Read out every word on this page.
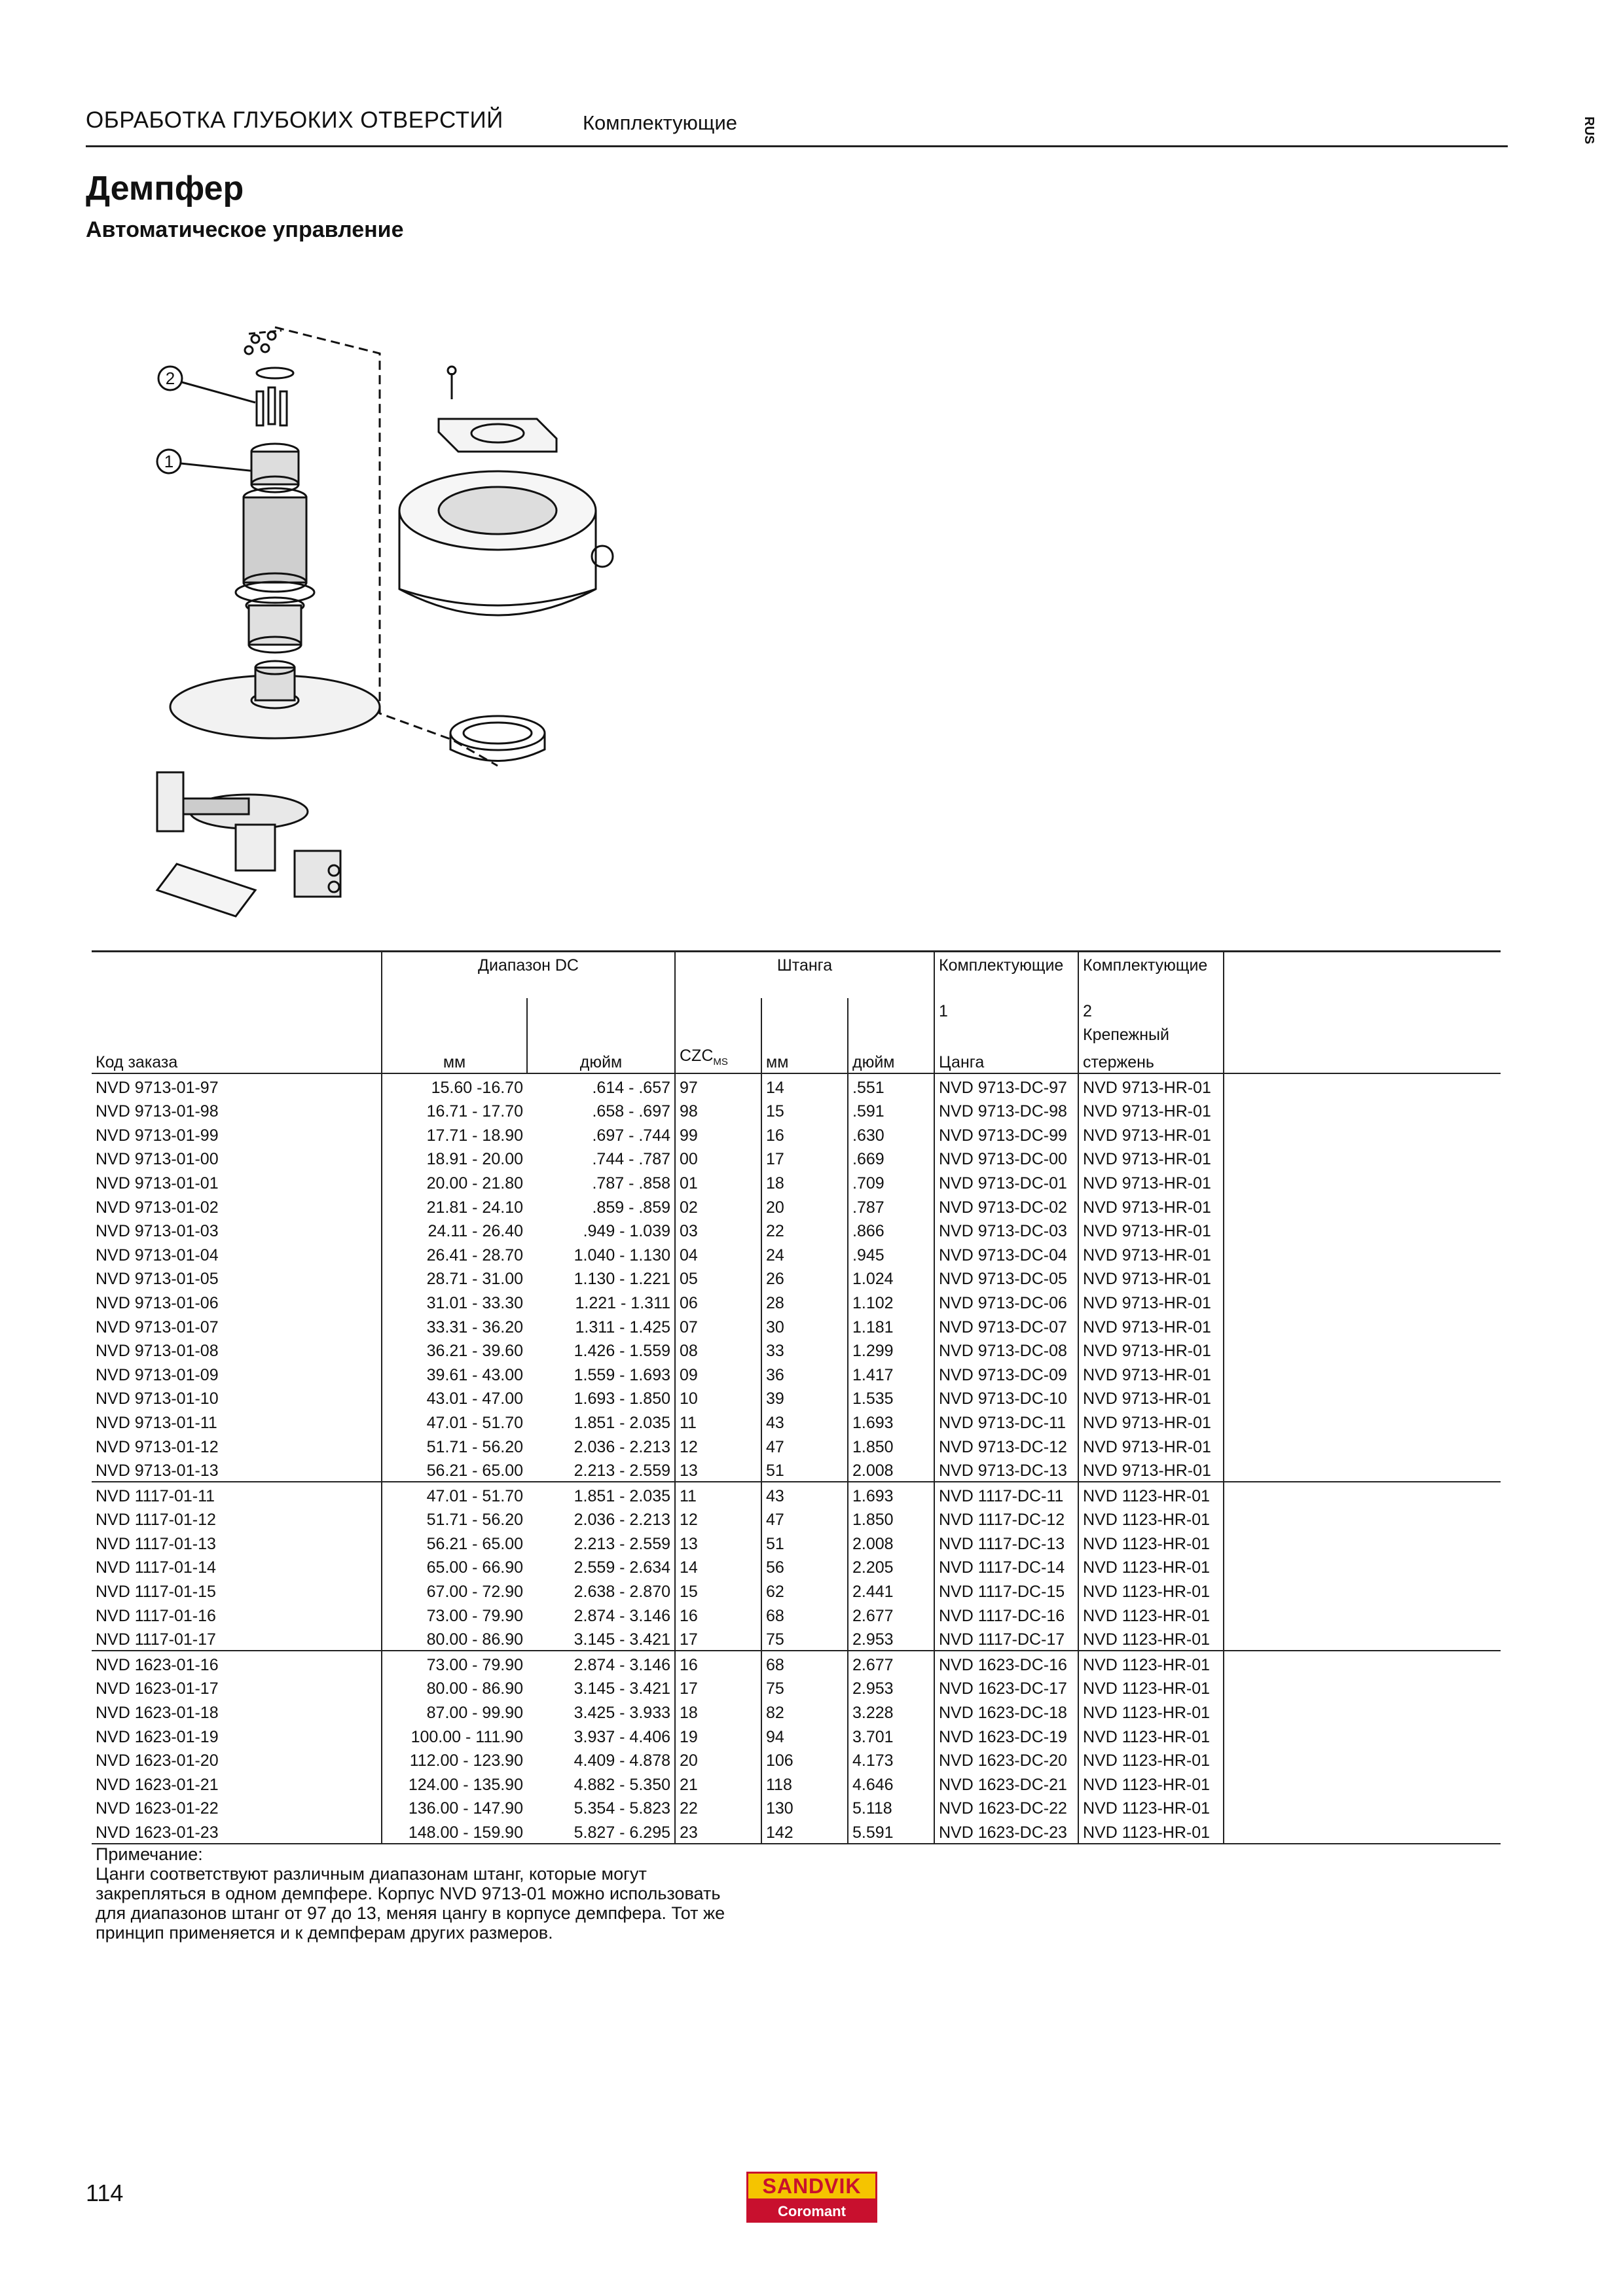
ОБРАБОТКА ГЛУБОКИХ ОТВЕРСТИЙ	Комплектующие	RUS
Демпфер
Автоматическое управление
2
1
	Диапазон DC		Штанга			Комплектующие	Комплектующие	
						1	2	
							Крепежный	
Код заказа	мм	дюйм	$CZC_{MS}$	мм	дюйм	Цанга	стержень	
NVD 9713-01-97	15.60 -16.70	.614 - .657	97	14	.551	NVD 9713-DC-97	NVD 9713-HR-01	
NVD 9713-01-98	16.71 - 17.70	.658 - .697	98	15	.591	NVD 9713-DC-98	NVD 9713-HR-01	
NVD 9713-01-99	17.71 - 18.90	.697 - .744	99	16	.630	NVD 9713-DC-99	NVD 9713-HR-01	
NVD 9713-01-00	18.91 - 20.00	.744 - .787	00	17	.669	NVD 9713-DC-00	NVD 9713-HR-01	
NVD 9713-01-01	20.00 - 21.80	.787 - .858	01	18	.709	NVD 9713-DC-01	NVD 9713-HR-01	
NVD 9713-01-02	21.81 - 24.10	.859 - .859	02	20	.787	NVD 9713-DC-02	NVD 9713-HR-01	
NVD 9713-01-03	24.11 - 26.40	.949 - 1.039	03	22	.866	NVD 9713-DC-03	NVD 9713-HR-01	
NVD 9713-01-04	26.41 - 28.70	1.040 - 1.130	04	24	.945	NVD 9713-DC-04	NVD 9713-HR-01	
NVD 9713-01-05	28.71 - 31.00	1.130 - 1.221	05	26	1.024	NVD 9713-DC-05	NVD 9713-HR-01	
NVD 9713-01-06	31.01 - 33.30	1.221 - 1.311	06	28	1.102	NVD 9713-DC-06	NVD 9713-HR-01	
NVD 9713-01-07	33.31 - 36.20	1.311 - 1.425	07	30	1.181	NVD 9713-DC-07	NVD 9713-HR-01	
NVD 9713-01-08	36.21 - 39.60	1.426 - 1.559	08	33	1.299	NVD 9713-DC-08	NVD 9713-HR-01	
NVD 9713-01-09	39.61 - 43.00	1.559 - 1.693	09	36	1.417	NVD 9713-DC-09	NVD 9713-HR-01	
NVD 9713-01-10	43.01 - 47.00	1.693 - 1.850	10	39	1.535	NVD 9713-DC-10	NVD 9713-HR-01	
NVD 9713-01-11	47.01 - 51.70	1.851 - 2.035	11	43	1.693	NVD 9713-DC-11	NVD 9713-HR-01	
NVD 9713-01-12	51.71 - 56.20	2.036 - 2.213	12	47	1.850	NVD 9713-DC-12	NVD 9713-HR-01	
NVD 9713-01-13	56.21 - 65.00	2.213 - 2.559	13	51	2.008	NVD 9713-DC-13	NVD 9713-HR-01	
NVD 1117-01-11	47.01 - 51.70	1.851 - 2.035	11	43	1.693	NVD 1117-DC-11	NVD 1123-HR-01	
NVD 1117-01-12	51.71 - 56.20	2.036 - 2.213	12	47	1.850	NVD 1117-DC-12	NVD 1123-HR-01	
NVD 1117-01-13	56.21 - 65.00	2.213 - 2.559	13	51	2.008	NVD 1117-DC-13	NVD 1123-HR-01	
NVD 1117-01-14	65.00 - 66.90	2.559 - 2.634	14	56	2.205	NVD 1117-DC-14	NVD 1123-HR-01	
NVD 1117-01-15	67.00 - 72.90	2.638 - 2.870	15	62	2.441	NVD 1117-DC-15	NVD 1123-HR-01	
NVD 1117-01-16	73.00 - 79.90	2.874 - 3.146	16	68	2.677	NVD 1117-DC-16	NVD 1123-HR-01	
NVD 1117-01-17	80.00 - 86.90	3.145 - 3.421	17	75	2.953	NVD 1117-DC-17	NVD 1123-HR-01	
NVD 1623-01-16	73.00 - 79.90	2.874 - 3.146	16	68	2.677	NVD 1623-DC-16	NVD 1123-HR-01	
NVD 1623-01-17	80.00 - 86.90	3.145 - 3.421	17	75	2.953	NVD 1623-DC-17	NVD 1123-HR-01	
NVD 1623-01-18	87.00 - 99.90	3.425 - 3.933	18	82	3.228	NVD 1623-DC-18	NVD 1123-HR-01	
NVD 1623-01-19	100.00 - 111.90	3.937 - 4.406	19	94	3.701	NVD 1623-DC-19	NVD 1123-HR-01	
NVD 1623-01-20	112.00 - 123.90	4.409 - 4.878	20	106	4.173	NVD 1623-DC-20	NVD 1123-HR-01	
NVD 1623-01-21	124.00 - 135.90	4.882 - 5.350	21	118	4.646	NVD 1623-DC-21	NVD 1123-HR-01	
NVD 1623-01-22	136.00 - 147.90	5.354 - 5.823	22	130	5.118	NVD 1623-DC-22	NVD 1123-HR-01	
NVD 1623-01-23	148.00 - 159.90	5.827 - 6.295	23	142	5.591	NVD 1623-DC-23	NVD 1123-HR-01	
Примечание:
Цанги соответствуют различным диапазонам штанг, которые могут
закрепляться в одном демпфере. Корпус NVD 9713-01 можно использовать
для диапазонов штанг от 97 до 13, меняя цангу в корпусе демпфера. Тот же
принцип применяется и к демпферам других размеров.
114	SANDVIK
Coromant
